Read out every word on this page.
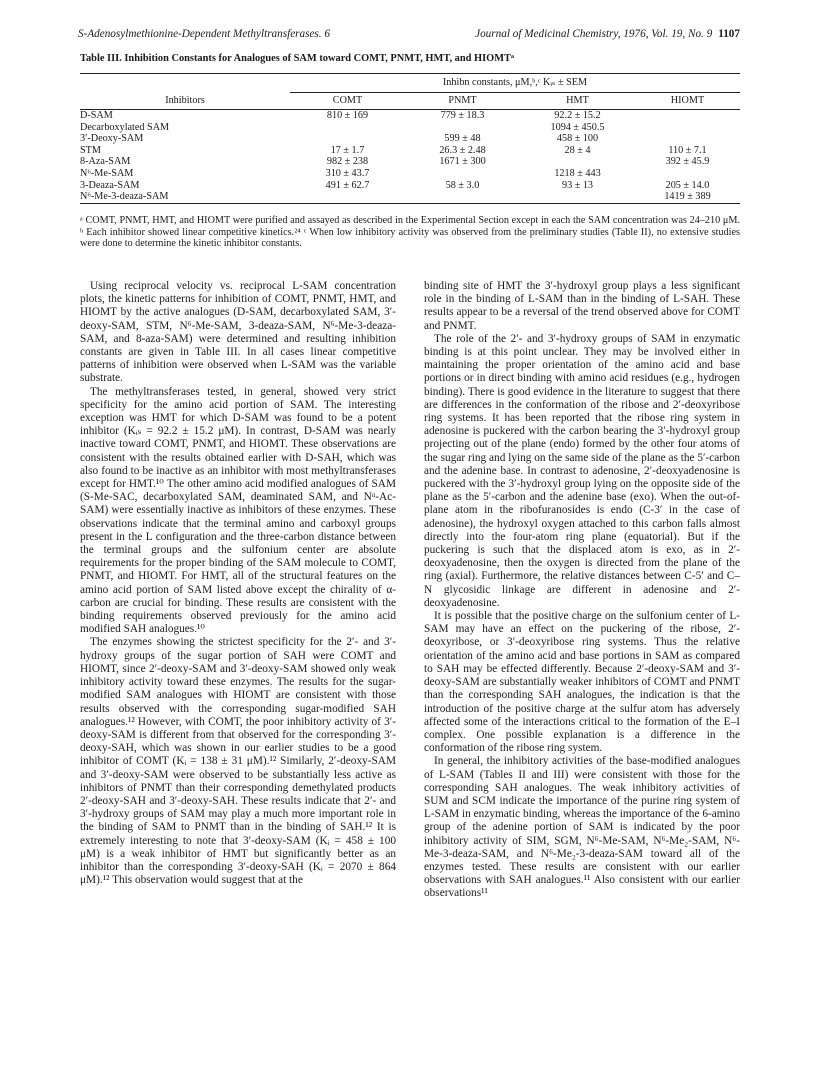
S-Adenosylmethionine-Dependent Methyltransferases. 6	Journal of Medicinal Chemistry, 1976, Vol. 19, No. 9 1107
Table III. Inhibition Constants for Analogues of SAM toward COMT, PNMT, HMT, and HIOMTᵃ
	Inhibn constants, μM,ᵇ,ᶜ Kᵢₛ ± SEM			
Inhibitors	COMT	PNMT	HMT	HIOMT
D-SAM	810 ± 169	779 ± 18.3	92.2 ± 15.2	
Decarboxylated SAM			1094 ± 450.5	
3′-Deoxy-SAM		599 ± 48	458 ± 100	
STM	17 ± 1.7	26.3 ± 2.48	28 ± 4	110 ± 7.1
8-Aza-SAM	982 ± 238	1671 ± 300		392 ± 45.9
N⁶-Me-SAM	310 ± 43.7		1218 ± 443	
3-Deaza-SAM	491 ± 62.7	58 ± 3.0	93 ± 13	205 ± 14.0
N⁶-Me-3-deaza-SAM				1419 ± 389
ᵃ COMT, PNMT, HMT, and HIOMT were purified and assayed as described in the Experimental Section except in each the SAM concentration was 24–210 μM. ᵇ Each inhibitor showed linear competitive kinetics.²⁴ ᶜ When low inhibitory activity was observed from the preliminary studies (Table II), no extensive studies were done to determine the kinetic inhibitor constants.

Using reciprocal velocity vs. reciprocal L-SAM concentration plots, the kinetic patterns for inhibition of COMT, PNMT, HMT, and HIOMT by the active analogues (D-SAM, decarboxylated SAM, 3′-deoxy-SAM, STM, N⁶-Me-SAM, 3-deaza-SAM, N⁶-Me-3-deaza-SAM, and 8-aza-SAM) were determined and resulting inhibition constants are given in Table III. In all cases linear competitive patterns of inhibition were observed when L-SAM was the variable substrate.

The methyltransferases tested, in general, showed very strict specificity for the amino acid portion of SAM. The interesting exception was HMT for which D-SAM was found to be a potent inhibitor (Kᵢₛ = 92.2 ± 15.2 μM). In contrast, D-SAM was nearly inactive toward COMT, PNMT, and HIOMT. These observations are consistent with the results obtained earlier with D-SAH, which was also found to be inactive as an inhibitor with most methyltransferases except for HMT.¹⁰ The other amino acid modified analogues of SAM (S-Me-SAC, decarboxylated SAM, deaminated SAM, and Nᵅ-Ac-SAM) were essentially inactive as inhibitors of these enzymes. These observations indicate that the terminal amino and carboxyl groups present in the L configuration and the three-carbon distance between the terminal groups and the sulfonium center are absolute requirements for the proper binding of the SAM molecule to COMT, PNMT, and HIOMT. For HMT, all of the structural features on the amino acid portion of SAM listed above except the chirality of α-carbon are crucial for binding. These results are consistent with the binding requirements observed previously for the amino acid modified SAH analogues.¹⁰

The enzymes showing the strictest specificity for the 2′- and 3′-hydroxy groups of the sugar portion of SAH were COMT and HIOMT, since 2′-deoxy-SAM and 3′-deoxy-SAM showed only weak inhibitory activity toward these enzymes. The results for the sugar-modified SAM analogues with HIOMT are consistent with those results observed with the corresponding sugar-modified SAH analogues.¹² However, with COMT, the poor inhibitory activity of 3′-deoxy-SAM is different from that observed for the corresponding 3′-deoxy-SAH, which was shown in our earlier studies to be a good inhibitor of COMT (Kᵢ = 138 ± 31 μM).¹² Similarly, 2′-deoxy-SAM and 3′-deoxy-SAM were observed to be substantially less active as inhibitors of PNMT than their corresponding demethylated products 2′-deoxy-SAH and 3′-deoxy-SAH. These results indicate that 2′- and 3′-hydroxy groups of SAM may play a much more important role in the binding of SAM to PNMT than in the binding of SAH.¹² It is extremely interesting to note that 3′-deoxy-SAM (Kᵢ = 458 ± 100 μM) is a weak inhibitor of HMT but significantly better as an inhibitor than the corresponding 3′-deoxy-SAH (Kᵢ = 2070 ± 864 μM).¹² This observation would suggest that at the

binding site of HMT the 3′-hydroxyl group plays a less significant role in the binding of L-SAM than in the binding of L-SAH. These results appear to be a reversal of the trend observed above for COMT and PNMT.

The role of the 2′- and 3′-hydroxy groups of SAM in enzymatic binding is at this point unclear. They may be involved either in maintaining the proper orientation of the amino acid and base portions or in direct binding with amino acid residues (e.g., hydrogen binding). There is good evidence in the literature to suggest that there are differences in the conformation of the ribose and 2′-deoxyribose ring systems. It has been reported that the ribose ring system in adenosine is puckered with the carbon bearing the 3′-hydroxyl group projecting out of the plane (endo) formed by the other four atoms of the sugar ring and lying on the same side of the plane as the 5′-carbon and the adenine base. In contrast to adenosine, 2′-deoxyadenosine is puckered with the 3′-hydroxyl group lying on the opposite side of the plane as the 5′-carbon and the adenine base (exo). When the out-of-plane atom in the ribofuranosides is endo (C-3′ in the case of adenosine), the hydroxyl oxygen attached to this carbon falls almost directly into the four-atom ring plane (equatorial). But if the puckering is such that the displaced atom is exo, as in 2′-deoxyadenosine, then the oxygen is directed from the plane of the ring (axial). Furthermore, the relative distances between C-5′ and C–N glycosidic linkage are different in adenosine and 2′-deoxyadenosine.

It is possible that the positive charge on the sulfonium center of L-SAM may have an effect on the puckering of the ribose, 2′-deoxyribose, or 3′-deoxyribose ring systems. Thus the relative orientation of the amino acid and base portions in SAM as compared to SAH may be effected differently. Because 2′-deoxy-SAM and 3′-deoxy-SAM are substantially weaker inhibitors of COMT and PNMT than the corresponding SAH analogues, the indication is that the introduction of the positive charge at the sulfur atom has adversely affected some of the interactions critical to the formation of the E–I complex. One possible explanation is a difference in the conformation of the ribose ring system.

In general, the inhibitory activities of the base-modified analogues of L-SAM (Tables II and III) were consistent with those for the corresponding SAH analogues. The weak inhibitory activities of SUM and SCM indicate the importance of the purine ring system of L-SAM in enzymatic binding, whereas the importance of the 6-amino group of the adenine portion of SAM is indicated by the poor inhibitory activity of SIM, SGM, N⁶-Me-SAM, N⁶-Me₂-SAM, N⁶-Me-3-deaza-SAM, and N⁶-Me₂-3-deaza-SAM toward all of the enzymes tested. These results are consistent with our earlier observations with SAH analogues.¹¹ Also consistent with our earlier observations¹¹
